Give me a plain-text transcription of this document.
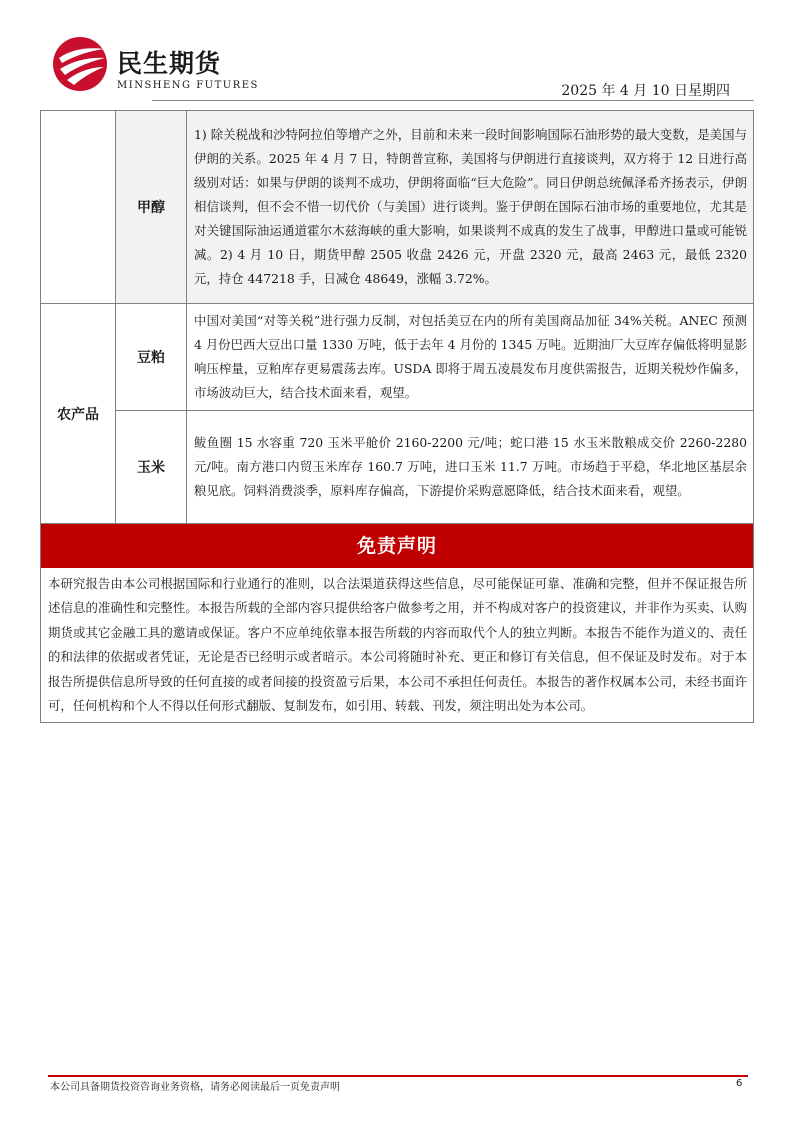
民生期货
MINSHENG FUTURES	2025 年 4 月 10 日星期四
	甲醇	1) 除关税战和沙特阿拉伯等增产之外，目前和未来一段时间影响国际石油形势的最大变数，是美国与伊朗的关系。2025 年 4 月 7 日，特朗普宣称，美国将与伊朗进行直接谈判，双方将于 12 日进行高级别对话：如果与伊朗的谈判不成功，伊朗将面临“巨大危险”。同日伊朗总统佩泽希齐扬表示，伊朗相信谈判，但不会不惜一切代价（与美国）进行谈判。鉴于伊朗在国际石油市场的重要地位，尤其是对关键国际油运通道霍尔木兹海峡的重大影响，如果谈判不成真的发生了战事，甲醇进口量或可能锐减。2) 4 月 10 日，期货甲醇 2505 收盘 2426 元，开盘 2320 元，最高 2463 元，最低 2320 元，持仓 447218 手，日减仓 48649，涨幅 3.72%。
农产品	豆粕	中国对美国“对等关税”进行强力反制，对包括美豆在内的所有美国商品加征 34%关税。ANEC 预测 4 月份巴西大豆出口量 1330 万吨，低于去年 4 月份的 1345 万吨。近期油厂大豆库存偏低将明显影响压榨量，豆粕库存更易震荡去库。USDA 即将于周五凌晨发布月度供需报告，近期关税炒作偏多，市场波动巨大，结合技术面来看，观望。
	玉米	鲅鱼圈 15 水容重 720 玉米平舱价 2160-2200 元/吨；蛇口港 15 水玉米散粮成交价 2260-2280 元/吨。南方港口内贸玉米库存 160.7 万吨，进口玉米 11.7 万吨。市场趋于平稳，华北地区基层余粮见底。饲料消费淡季，原料库存偏高，下游提价采购意愿降低，结合技术面来看，观望。
免责声明
本研究报告由本公司根据国际和行业通行的准则，以合法渠道获得这些信息，尽可能保证可靠、准确和完整，但并不保证报告所述信息的准确性和完整性。本报告所载的全部内容只提供给客户做参考之用，并不构成对客户的投资建议，并非作为买卖、认购期货或其它金融工具的邀请或保证。客户不应单纯依靠本报告所载的内容而取代个人的独立判断。本报告不能作为道义的、责任的和法律的依据或者凭证，无论是否已经明示或者暗示。本公司将随时补充、更正和修订有关信息，但不保证及时发布。对于本报告所提供信息所导致的任何直接的或者间接的投资盈亏后果，本公司不承担任何责任。本报告的著作权属本公司，未经书面许可，任何机构和个人不得以任何形式翻版、复制发布，如引用、转载、刊发，须注明出处为本公司。
本公司具备期货投资咨询业务资格，请务必阅读最后一页免责声明	6
